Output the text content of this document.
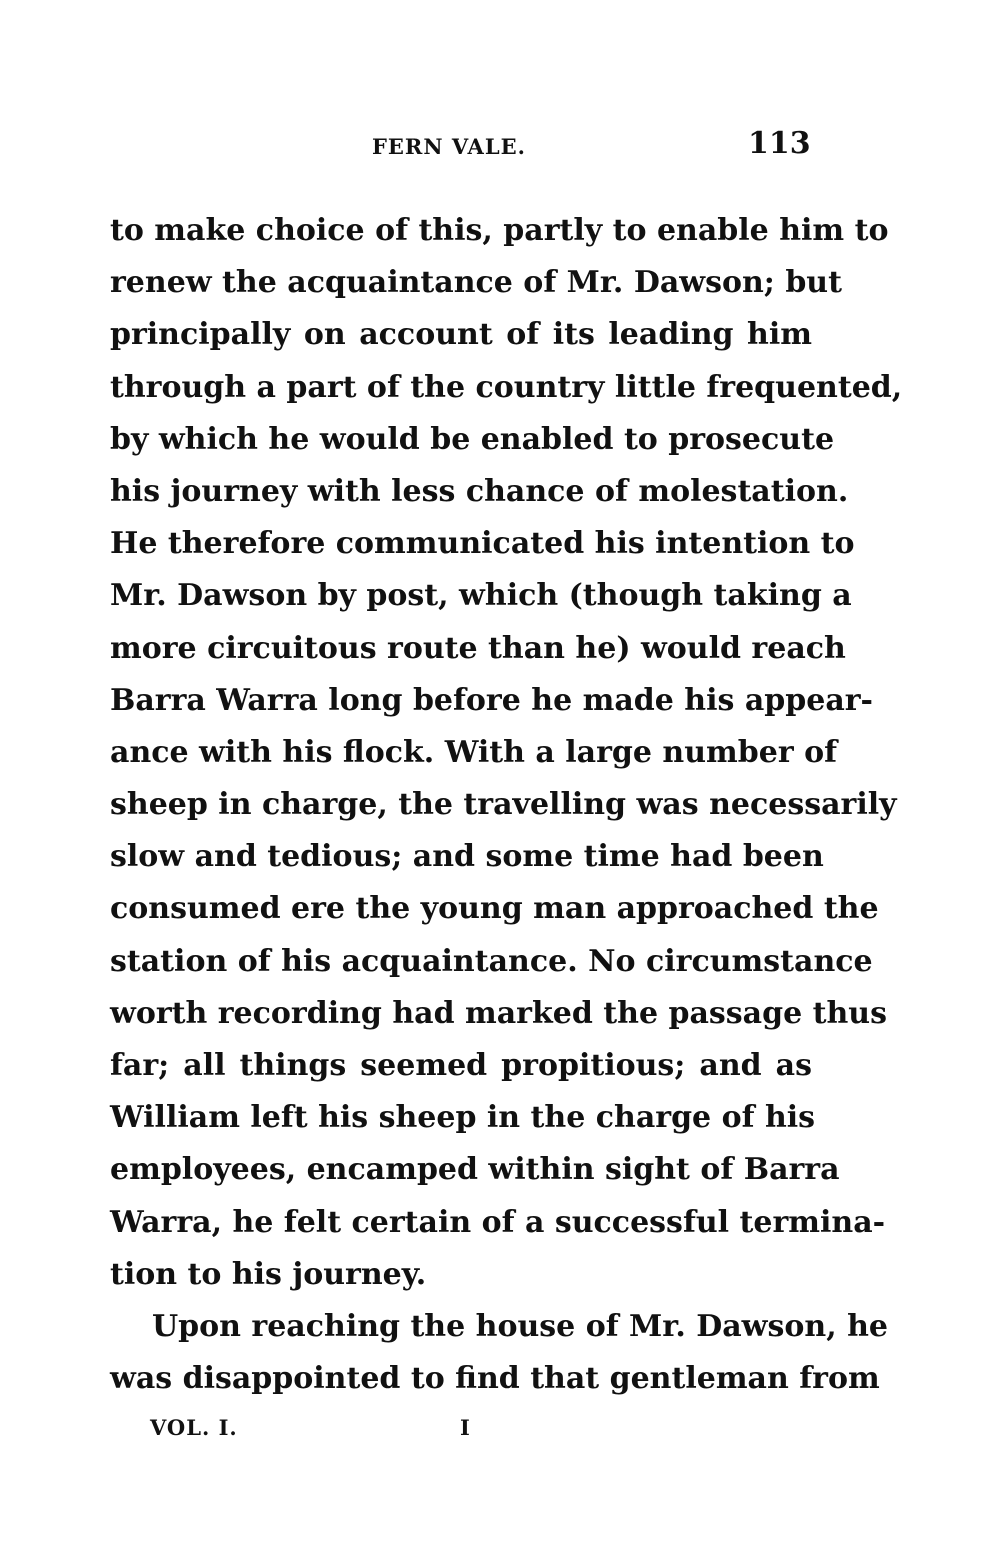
FERN VALE.	113
to make choice of this, partly to enable him to
renew the acquaintance of Mr. Dawson; but
principally on account of its leading him
through a part of the country little frequented,
by which he would be enabled to prosecute
his journey with less chance of molestation.
He therefore communicated his intention to
Mr. Dawson by post, which (though taking a
more circuitous route than he) would reach
Barra Warra long before he made his appear-
ance with his flock. With a large number of
sheep in charge, the travelling was necessarily
slow and tedious; and some time had been
consumed ere the young man approached the
station of his acquaintance. No circumstance
worth recording had marked the passage thus
far; all things seemed propitious; and as
William left his sheep in the charge of his
employees, encamped within sight of Barra
Warra, he felt certain of a successful termina-
tion to his journey.
Upon reaching the house of Mr. Dawson, he
was disappointed to find that gentleman from
VOL. I.	I
